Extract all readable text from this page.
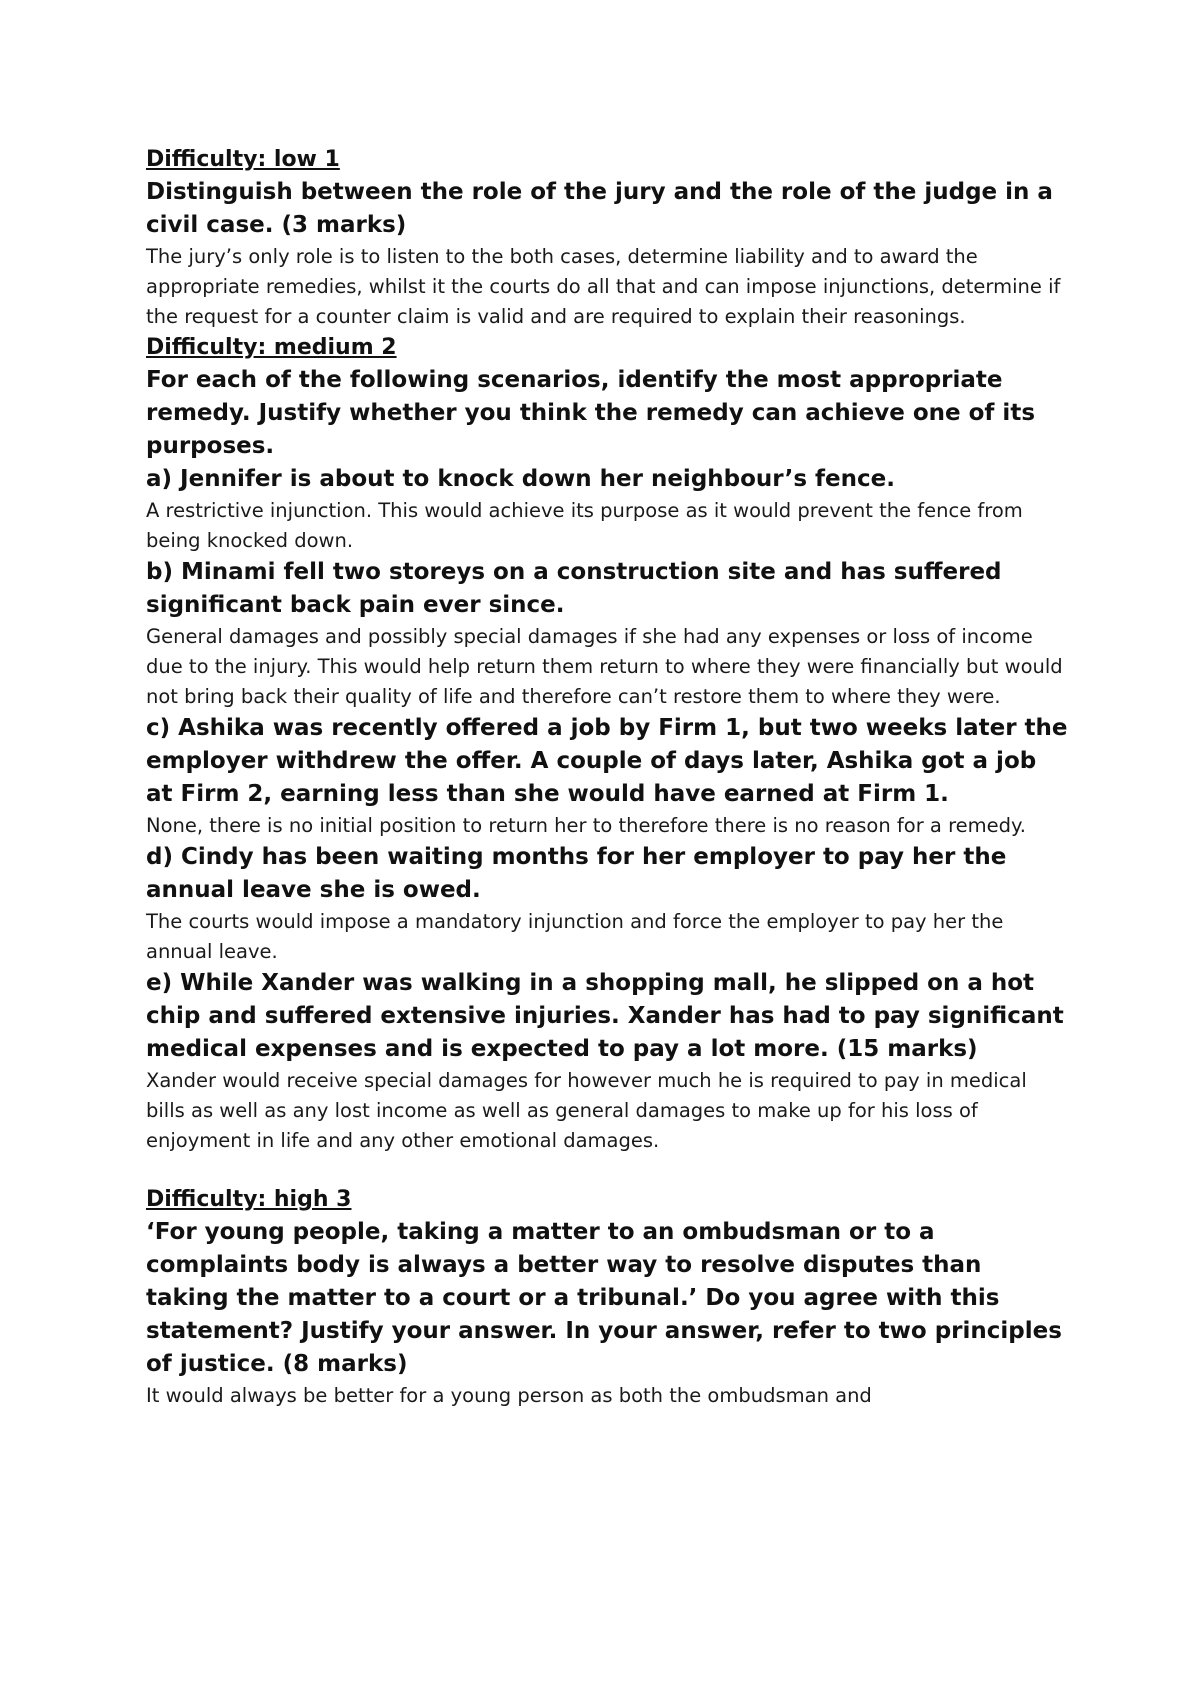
Difficulty: low 1

Distinguish between the role of the jury and the role of the judge in a civil case. (3 marks)

The jury’s only role is to listen to the both cases, determine liability and to award the appropriate remedies, whilst it the courts do all that and can impose injunctions, determine if the request for a counter claim is valid and are required to explain their reasonings.

Difficulty: medium 2

For each of the following scenarios, identify the most appropriate remedy. Justify whether you think the remedy can achieve one of its purposes.

a) Jennifer is about to knock down her neighbour’s fence.

A restrictive injunction. This would achieve its purpose as it would prevent the fence from being knocked down.

b) Minami fell two storeys on a construction site and has suffered significant back pain ever since.

General damages and possibly special damages if she had any expenses or loss of income due to the injury. This would help return them return to where they were financially but would not bring back their quality of life and therefore can’t restore them to where they were.

c) Ashika was recently offered a job by Firm 1, but two weeks later the employer withdrew the offer. A couple of days later, Ashika got a job at Firm 2, earning less than she would have earned at Firm 1.

None, there is no initial position to return her to therefore there is no reason for a remedy.

d) Cindy has been waiting months for her employer to pay her the annual leave she is owed.

The courts would impose a mandatory injunction and force the employer to pay her the annual leave.

e) While Xander was walking in a shopping mall, he slipped on a hot chip and suffered extensive injuries. Xander has had to pay significant medical expenses and is expected to pay a lot more. (15 marks)

Xander would receive special damages for however much he is required to pay in medical bills as well as any lost income as well as general damages to make up for his loss of enjoyment in life and any other emotional damages.

Difficulty: high 3

‘For young people, taking a matter to an ombudsman or to a complaints body is always a better way to resolve disputes than taking the matter to a court or a tribunal.’ Do you agree with this statement? Justify your answer. In your answer, refer to two principles of justice. (8 marks)

It would always be better for a young person as both the ombudsman and
